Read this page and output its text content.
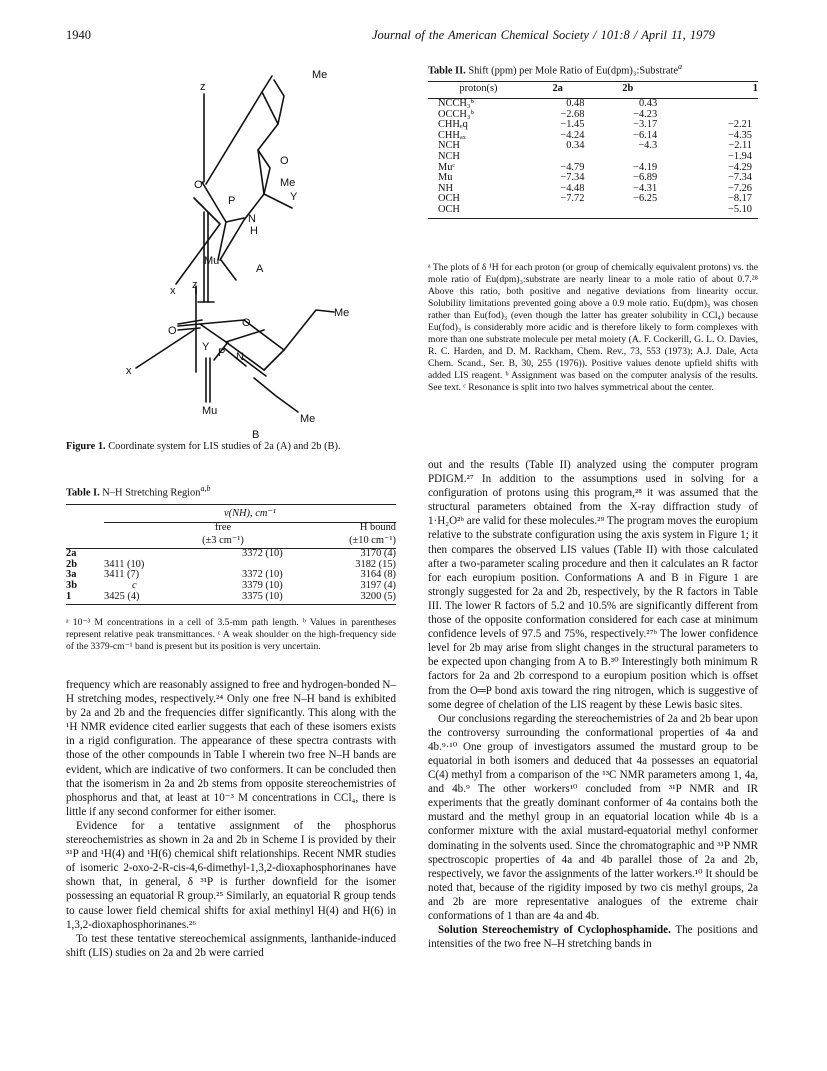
1940	Journal of the American Chemical Society / 101:8 / April 11, 1979
Me
z
O
O
Me
Y
P
N
H
x
Mu
A
z
Me
O
O
Y
x
P N
Mu
Me
B
Figure 1. Coordinate system for LIS studies of 2a (A) and 2b (B).
Table II. Shift (ppm) per Mole Ratio of Eu(dpm)₃:Substrate$^a$
proton(s)	2a	2b	1
NCCH₃ᵇ	0.48	0.43	
OCCH₃ᵇ	−2.68	−4.23	
CHHₑq	−1.45	−3.17	−2.21
CHHₐₓ	−4.24	−6.14	−4.35
NCH	0.34	−4.3	−2.11
NCH			−1.94
Muᶜ	−4.79	−4.19	−4.29
Mu	−7.34	−6.89	−7.34
NH	−4.48	−4.31	−7.26
OCH	−7.72	−6.25	−8.17
OCH			−5.10
ᵃ The plots of δ ¹H for each proton (or group of chemically equivalent protons) vs. the mole ratio of Eu(dpm)₃:substrate are nearly linear to a mole ratio of about 0.7.²⁸ Above this ratio, both positive and negative deviations from linearity occur. Solubility limitations prevented going above a 0.9 mole ratio. Eu(dpm)₃ was chosen rather than Eu(fod)₃ (even though the latter has greater solubility in CCl₄) because Eu(fod)₃ is considerably more acidic and is therefore likely to form complexes with more than one substrate molecule per metal moiety (A. F. Cockerill, G. L. O. Davies, R. C. Harden, and D. M. Rackham, Chem. Rev., 73, 553 (1973); A.J. Dale, Acta Chem. Scand., Ser. B, 30, 255 (1976)). Positive values denote upfield shifts with added LIS reagent. ᵇ Assignment was based on the computer analysis of the results. See text. ᶜ Resonance is split into two halves symmetrical about the center.
Table I. N–H Stretching Region$^{a,b}$

	ν(NH), cm⁻¹		
	free		H bound
	(±3 cm⁻¹)		(±10 cm⁻¹)
2a		3372 (10)	3170 (4)
2b	3411 (10)		3182 (15)
3a	3411 (7)	3372 (10)	3164 (8)
3b	c	3379 (10)	3197 (4)
1	3425 (4)	3375 (10)	3200 (5)
ᵃ 10⁻³ M concentrations in a cell of 3.5-mm path length. ᵇ Values in parentheses represent relative peak transmittances. ᶜ A weak shoulder on the high-frequency side of the 3379-cm⁻¹ band is present but its position is very uncertain.

frequency which are reasonably assigned to free and hydrogen-bonded N–H stretching modes, respectively.²⁴ Only one free N–H band is exhibited by 2a and 2b and the frequencies differ significantly. This along with the ¹H NMR evidence cited earlier suggests that each of these isomers exists in a rigid configuration. The appearance of these spectra contrasts with those of the other compounds in Table I wherein two free N–H bands are evident, which are indicative of two conformers. It can be concluded then that the isomerism in 2a and 2b stems from opposite stereochemistries of phosphorus and that, at least at 10⁻³ M concentrations in CCl₄, there is little if any second conformer for either isomer.

Evidence for a tentative assignment of the phosphorus stereochemistries as shown in 2a and 2b in Scheme I is provided by their ³¹P and ¹H(4) and ¹H(6) chemical shift relationships. Recent NMR studies of isomeric 2-oxo-2-R-cis-4,6-dimethyl-1,3,2-dioxaphosphorinanes have shown that, in general, δ ³¹P is further downfield for the isomer possessing an equatorial R group.²⁵ Similarly, an equatorial R group tends to cause lower field chemical shifts for axial methinyl H(4) and H(6) in 1,3,2-dioxaphosphorinanes.²⁶

To test these tentative stereochemical assignments, lanthanide-induced shift (LIS) studies on 2a and 2b were carried

out and the results (Table II) analyzed using the computer program PDIGM.²⁷ In addition to the assumptions used in solving for a configuration of protons using this program,²⁸ it was assumed that the structural parameters obtained from the X-ray diffraction study of 1·H₂O²ᵇ are valid for these molecules.²⁹ The program moves the europium relative to the substrate configuration using the axis system in Figure 1; it then compares the observed LIS values (Table II) with those calculated after a two-parameter scaling procedure and then it calculates an R factor for each europium position. Conformations A and B in Figure 1 are strongly suggested for 2a and 2b, respectively, by the R factors in Table III. The lower R factors of 5.2 and 10.5% are significantly different from those of the opposite conformation considered for each case at minimum confidence levels of 97.5 and 75%, respectively.²⁷ᵇ The lower confidence level for 2b may arise from slight changes in the structural parameters to be expected upon changing from A to B.³⁰ Interestingly both minimum R factors for 2a and 2b correspond to a europium position which is offset from the O═P bond axis toward the ring nitrogen, which is suggestive of some degree of chelation of the LIS reagent by these Lewis basic sites.

Our conclusions regarding the stereochemistries of 2a and 2b bear upon the controversy surrounding the conformational properties of 4a and 4b.⁹·¹⁰ One group of investigators assumed the mustard group to be equatorial in both isomers and deduced that 4a possesses an equatorial C(4) methyl from a comparison of the ¹³C NMR parameters among 1, 4a, and 4b.⁹ The other workers¹⁰ concluded from ³¹P NMR and IR experiments that the greatly dominant conformer of 4a contains both the mustard and the methyl group in an equatorial location while 4b is a conformer mixture with the axial mustard-equatorial methyl conformer dominating in the solvents used. Since the chromatographic and ³¹P NMR spectroscopic properties of 4a and 4b parallel those of 2a and 2b, respectively, we favor the assignments of the latter workers.¹⁰ It should be noted that, because of the rigidity imposed by two cis methyl groups, 2a and 2b are more representative analogues of the extreme chair conformations of 1 than are 4a and 4b.

Solution Stereochemistry of Cyclophosphamide. The positions and intensities of the two free N–H stretching bands in
